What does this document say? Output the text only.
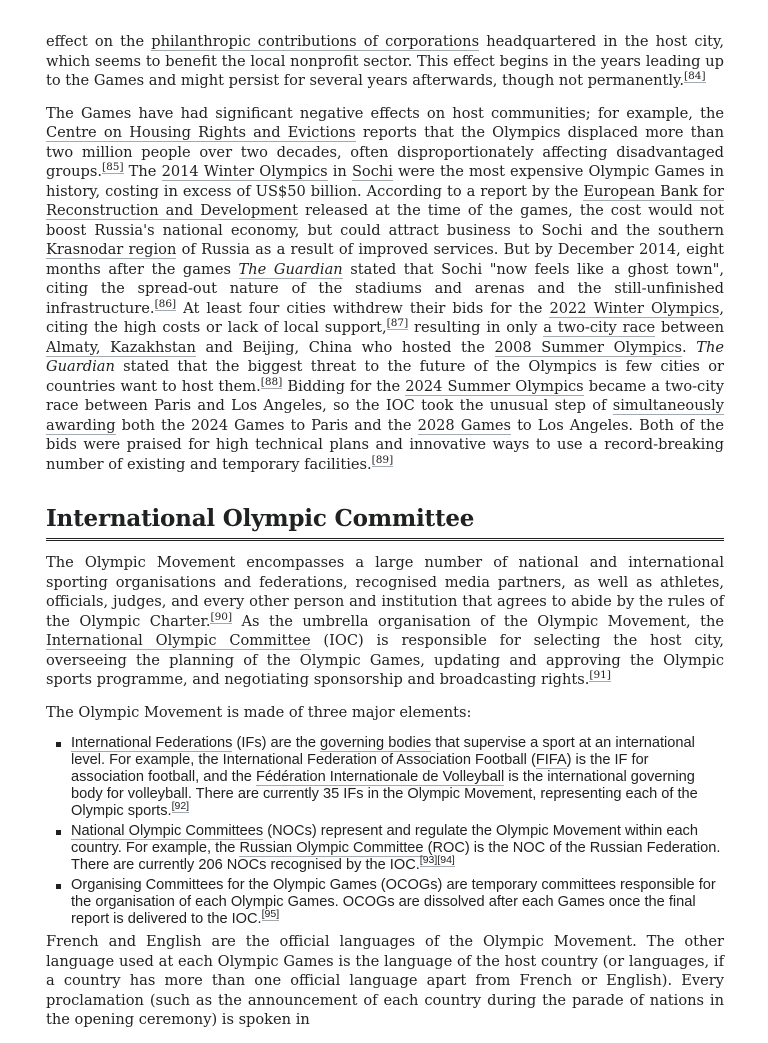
effect on the philanthropic contributions of corporations headquartered in the host city, which seems to benefit the local nonprofit sector. This effect begins in the years leading up to the Games and might persist for several years afterwards, though not permanently.[84]

The Games have had significant negative effects on host communities; for example, the Centre on Housing Rights and Evictions reports that the Olympics displaced more than two million people over two decades, often disproportionately affecting disadvantaged groups.[85] The 2014 Winter Olympics in Sochi were the most expensive Olympic Games in history, costing in excess of US$50 billion. According to a report by the European Bank for Reconstruction and Development released at the time of the games, the cost would not boost Russia's national economy, but could attract business to Sochi and the southern Krasnodar region of Russia as a result of improved services. But by December 2014, eight months after the games The Guardian stated that Sochi "now feels like a ghost town", citing the spread-out nature of the stadiums and arenas and the still-unfinished infrastructure.[86] At least four cities withdrew their bids for the 2022 Winter Olympics, citing the high costs or lack of local support,[87] resulting in only a two-city race between Almaty, Kazakhstan and Beijing, China who hosted the 2008 Summer Olympics. The Guardian stated that the biggest threat to the future of the Olympics is few cities or countries want to host them.[88] Bidding for the 2024 Summer Olympics became a two-city race between Paris and Los Angeles, so the IOC took the unusual step of simultaneously awarding both the 2024 Games to Paris and the 2028 Games to Los Angeles. Both of the bids were praised for high technical plans and innovative ways to use a record-breaking number of existing and temporary facilities.[89]

International Olympic Committee

The Olympic Movement encompasses a large number of national and international sporting organisations and federations, recognised media partners, as well as athletes, officials, judges, and every other person and institution that agrees to abide by the rules of the Olympic Charter.[90] As the umbrella organisation of the Olympic Movement, the International Olympic Committee (IOC) is responsible for selecting the host city, overseeing the planning of the Olympic Games, updating and approving the Olympic sports programme, and negotiating sponsorship and broadcasting rights.[91]

The Olympic Movement is made of three major elements:

International Federations (IFs) are the governing bodies that supervise a sport at an international level. For example, the International Federation of Association Football (FIFA) is the IF for association football, and the Fédération Internationale de Volleyball is the international governing body for volleyball. There are currently 35 IFs in the Olympic Movement, representing each of the Olympic sports.[92]
National Olympic Committees (NOCs) represent and regulate the Olympic Movement within each country. For example, the Russian Olympic Committee (ROC) is the NOC of the Russian Federation. There are currently 206 NOCs recognised by the IOC.[93][94]
Organising Committees for the Olympic Games (OCOGs) are temporary committees responsible for the organisation of each Olympic Games. OCOGs are dissolved after each Games once the final report is delivered to the IOC.[95]

French and English are the official languages of the Olympic Movement. The other language used at each Olympic Games is the language of the host country (or languages, if a country has more than one official language apart from French or English). Every proclamation (such as the announcement of each country during the parade of nations in the opening ceremony) is spoken in
